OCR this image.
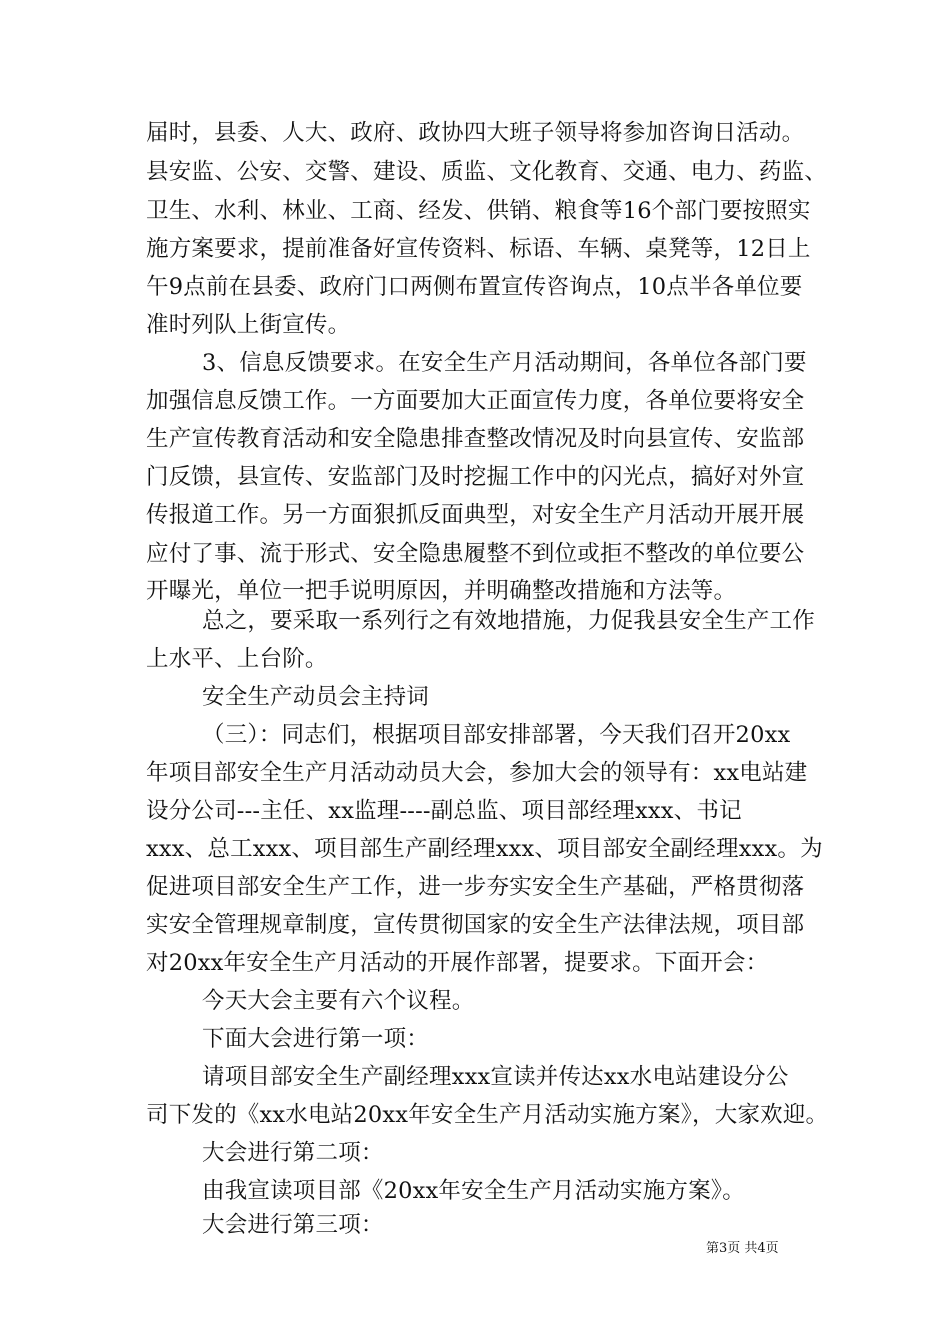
届时，县委、人大、政府、政协四大班子领导将参加咨询日活动。
县安监、公安、交警、建设、质监、文化教育、交通、电力、药监、
卫生、水利、林业、工商、经发、供销、粮食等16个部门要按照实
施方案要求，提前准备好宣传资料、标语、车辆、桌凳等，12日上
午9点前在县委、政府门口两侧布置宣传咨询点，10点半各单位要
准时列队上街宣传。
3、信息反馈要求。在安全生产月活动期间，各单位各部门要
加强信息反馈工作。一方面要加大正面宣传力度，各单位要将安全
生产宣传教育活动和安全隐患排查整改情况及时向县宣传、安监部
门反馈，县宣传、安监部门及时挖掘工作中的闪光点，搞好对外宣
传报道工作。另一方面狠抓反面典型，对安全生产月活动开展开展
应付了事、流于形式、安全隐患履整不到位或拒不整改的单位要公
开曝光，单位一把手说明原因，并明确整改措施和方法等。
总之，要采取一系列行之有效地措施，力促我县安全生产工作
上水平、上台阶。
安全生产动员会主持词
（三）：同志们，根据项目部安排部署，今天我们召开20xx
年项目部安全生产月活动动员大会，参加大会的领导有：xx电站建
设分公司---主任、xx监理----副总监、项目部经理xxx、书记
xxx、总工xxx、项目部生产副经理xxx、项目部安全副经理xxx。为
促进项目部安全生产工作，进一步夯实安全生产基础，严格贯彻落
实安全管理规章制度，宣传贯彻国家的安全生产法律法规，项目部
对20xx年安全生产月活动的开展作部署，提要求。下面开会：
今天大会主要有六个议程。
下面大会进行第一项：
请项目部安全生产副经理xxx宣读并传达xx水电站建设分公
司下发的《xx水电站20xx年安全生产月活动实施方案》，大家欢迎。
大会进行第二项：
由我宣读项目部《20xx年安全生产月活动实施方案》。
大会进行第三项：
第3页 共4页
